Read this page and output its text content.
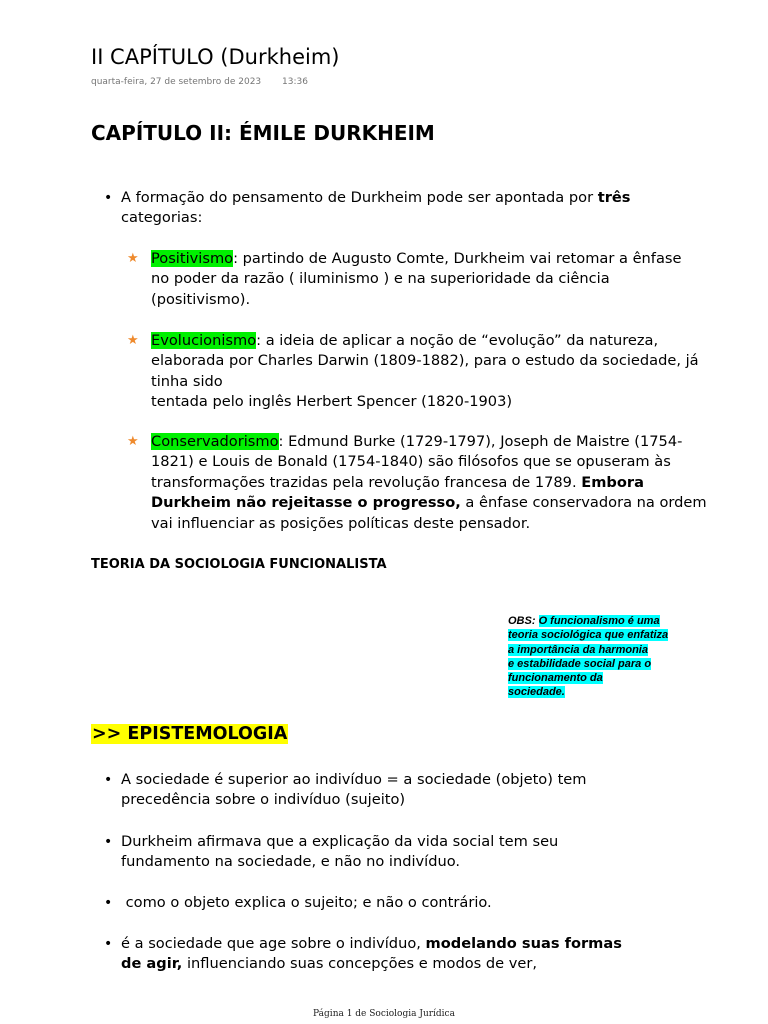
II CAPÍTULO (Durkheim)
quarta-feira, 27 de setembro de 2023 13:36
CAPÍTULO II: ÉMILE DURKHEIM
• A formação do pensamento de Durkheim pode ser apontada por três
categorias:
★ Positivismo: partindo de Augusto Comte, Durkheim vai retomar a ênfase
no poder da razão ( iluminismo ) e na superioridade da ciência
(positivismo).
★ Evolucionismo: a ideia de aplicar a noção de “evolução” da natureza,
elaborada por Charles Darwin (1809-1882), para o estudo da sociedade, já
tinha sido
tentada pelo inglês Herbert Spencer (1820-1903)
★ Conservadorismo: Edmund Burke (1729-1797), Joseph de Maistre (1754-
1821) e Louis de Bonald (1754-1840) são filósofos que se opuseram às
transformações trazidas pela revolução francesa de 1789. Embora
Durkheim não rejeitasse o progresso, a ênfase conservadora na ordem
vai influenciar as posições políticas deste pensador.
TEORIA DA SOCIOLOGIA FUNCIONALISTA
OBS: O funcionalismo é uma
teoria sociológica que enfatiza
a importância da harmonia
e estabilidade social para o
funcionamento da
sociedade.
>> EPISTEMOLOGIA
• A sociedade é superior ao indivíduo = a sociedade (objeto) tem
precedência sobre o indivíduo (sujeito)
• Durkheim afirmava que a explicação da vida social tem seu
fundamento na sociedade, e não no indivíduo.
• como o objeto explica o sujeito; e não o contrário.
• é a sociedade que age sobre o indivíduo, modelando suas formas
de agir, influenciando suas concepções e modos de ver,
Página 1 de Sociologia Jurídica
